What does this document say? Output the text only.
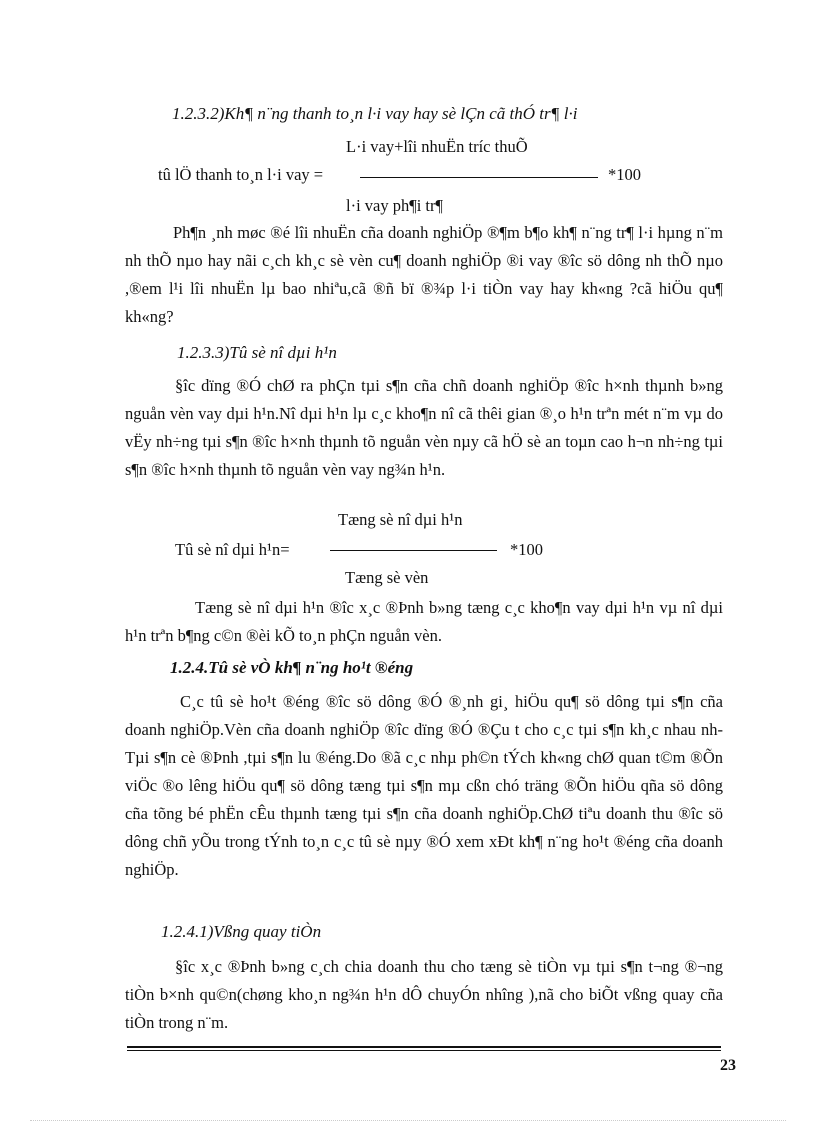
1.2.3.2)Kh¶ n¨ng thanh to¸n l·i vay hay sè lÇn cã thÓ tr¶ l·i
L·i vay+lîi nhuËn tríc thuÕ
tû lÖ thanh to¸n l·i vay =	*100
l·i vay ph¶i tr¶

Ph¶n ¸nh møc ®é lîi nhuËn cña doanh nghiÖp ®¶m b¶o kh¶ n¨ng tr¶ l·i hµng n¨m nh thÕ nµo hay nãi c¸ch kh¸c sè vèn cu¶ doanh nghiÖp ®i vay ®îc sö dông nh thÕ nµo ,®em l¹i lîi nhuËn lµ bao nhiªu,cã ®ñ bï ®¾p l·i tiÒn vay hay kh«ng ?cã hiÖu qu¶ kh«ng?

1.2.3.3)Tû sè nî dµi h¹n

§îc dïng ®Ó chØ ra phÇn tµi s¶n cña chñ doanh nghiÖp ®îc h×nh thµnh b»ng nguån vèn vay dµi h¹n.Nî dµi h¹n lµ c¸c kho¶n nî cã thêi gian ®¸o h¹n trªn mét n¨m vµ do vËy nh÷ng tµi s¶n ®îc h×nh thµnh tõ nguån vèn nµy cã hÖ sè an toµn cao h¬n nh÷ng tµi s¶n ®îc h×nh thµnh tõ nguån vèn vay ng¾n h¹n.

Tæng sè nî dµi h¹n
Tû sè nî dµi h¹n=	*100
Tæng sè vèn

Tæng sè nî dµi h¹n ®îc x¸c ®Þnh b»ng tæng c¸c kho¶n vay dµi h¹n vµ nî dµi h¹n trªn b¶ng c©n ®èi kÕ to¸n phÇn nguån vèn.

1.2.4.Tû sè vÒ kh¶ n¨ng ho¹t ®éng

C¸c tû sè ho¹t ®éng ®îc sö dông ®Ó ®¸nh gi¸ hiÖu qu¶ sö dông tµi s¶n cña doanh nghiÖp.Vèn cña doanh nghiÖp ®îc dïng ®Ó ®Çu t cho c¸c tµi s¶n kh¸c nhau nh Tµi s¶n cè ®Þnh ,tµi s¶n lu ®éng.Do ®ã c¸c nhµ ph©n tÝch kh«ng chØ quan t©m ®Õn viÖc ®o lêng hiÖu qu¶ sö dông tæng tµi s¶n mµ cßn chó träng ®Õn hiÖu qña sö dông cña tõng bé phËn cÊu thµnh tæng tµi s¶n cña doanh nghiÖp.ChØ tiªu doanh thu ®îc sö dông chñ yÕu trong tÝnh to¸n c¸c tû sè nµy ®Ó xem xÐt kh¶ n¨ng ho¹t ®éng cña doanh nghiÖp.

1.2.4.1)Vßng quay tiÒn

§îc x¸c ®Þnh b»ng c¸ch chia doanh thu cho tæng sè tiÒn vµ tµi s¶n t¬ng ®¬ng tiÒn b×nh qu©n(chøng kho¸n ng¾n h¹n dÔ chuyÓn nhîng ),nã cho biÕt vßng quay cña tiÒn trong n¨m.

23
